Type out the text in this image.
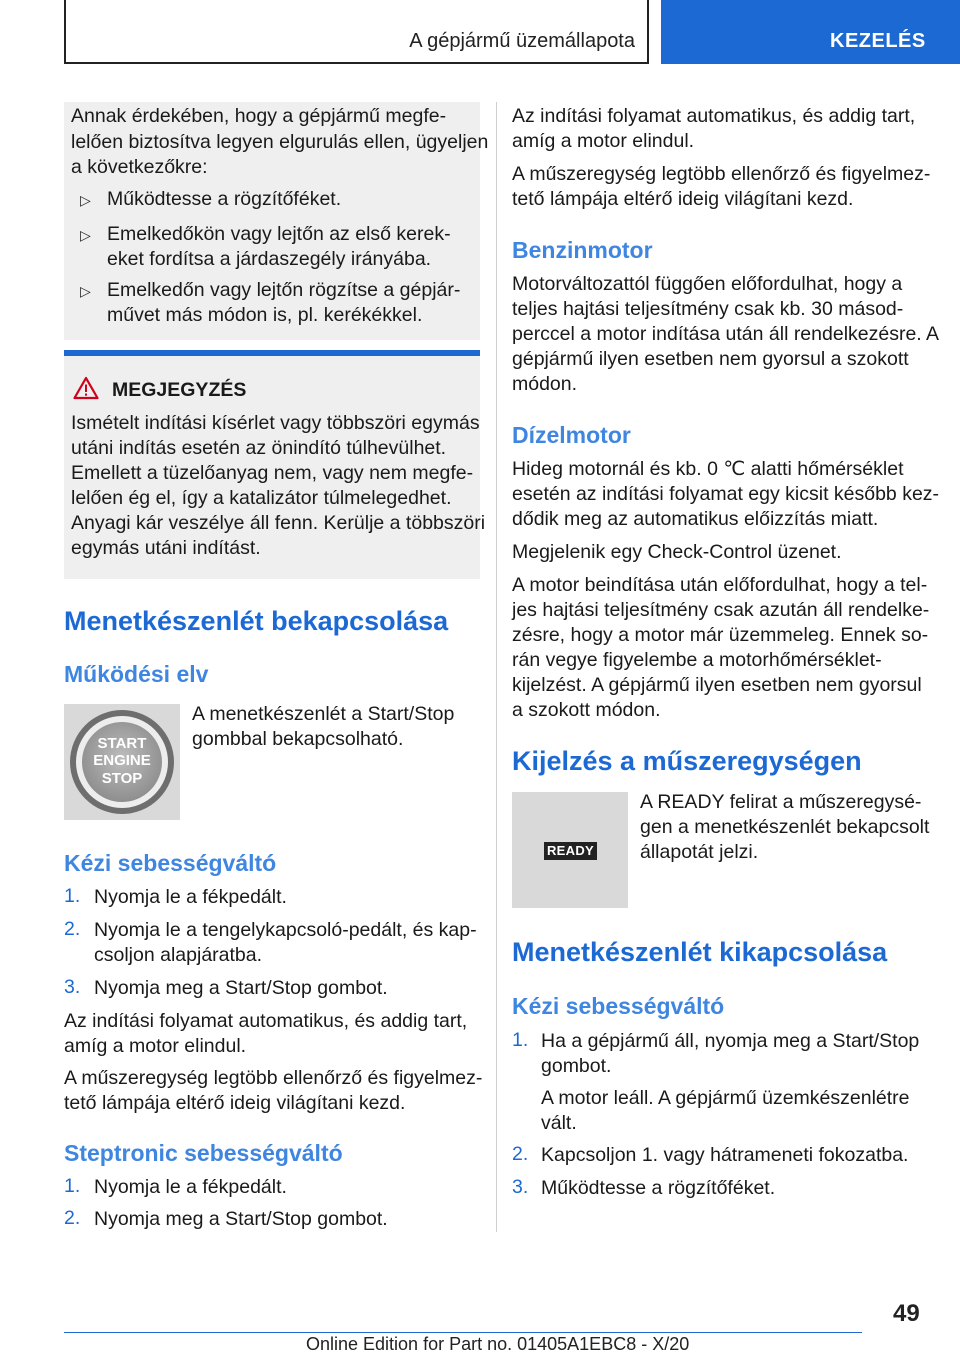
A gépjármű üzemállapota	KEZELÉS
Annak érdekében, hogy a gépjármű megfe-
lelően biztosítva legyen elgurulás ellen, ügyeljen
a következőkre:
▷ Működtesse a rögzítőféket.
▷ Emelkedőkön vagy lejtőn az első kerek-
eket fordítsa a járdaszegély irányába.
▷ Emelkedőn vagy lejtőn rögzítse a gépjár-
művet más módon is, pl. kerékékkel.
MEGJEGYZÉS
Ismételt indítási kísérlet vagy többszöri egymás
utáni indítás esetén az önindító túlhevülhet.
Emellett a tüzelőanyag nem, vagy nem megfe-
lelően ég el, így a katalizátor túlmelegedhet.
Anyagi kár veszélye áll fenn. Kerülje a többszöri
egymás utáni indítást.
Menetkészenlét bekapcsolása
Működési elv
START
ENGINE
STOP
A menetkészenlét a Start/Stop
gombbal bekapcsolható.
Kézi sebességváltó
1. Nyomja le a fékpedált.
2. Nyomja le a tengelykapcsoló-pedált, és kap-
csoljon alapjáratba.
3. Nyomja meg a Start/Stop gombot.
Az indítási folyamat automatikus, és addig tart,
amíg a motor elindul.
A műszeregység legtöbb ellenőrző és figyelmez-
tető lámpája eltérő ideig világítani kezd.
Steptronic sebességváltó
1. Nyomja le a fékpedált.
2. Nyomja meg a Start/Stop gombot.
Az indítási folyamat automatikus, és addig tart,
amíg a motor elindul.
A műszeregység legtöbb ellenőrző és figyelmez-
tető lámpája eltérő ideig világítani kezd.
Benzinmotor
Motorváltozattól függően előfordulhat, hogy a
teljes hajtási teljesítmény csak kb. 30 másod-
perccel a motor indítása után áll rendelkezésre. A
gépjármű ilyen esetben nem gyorsul a szokott
módon.
Dízelmotor
Hideg motornál és kb. 0 ℃ alatti hőmérséklet
esetén az indítási folyamat egy kicsit később kez-
dődik meg az automatikus előizzítás miatt.
Megjelenik egy Check-Control üzenet.
A motor beindítása után előfordulhat, hogy a tel-
jes hajtási teljesítmény csak azután áll rendelke-
zésre, hogy a motor már üzemmeleg. Ennek so-
rán vegye figyelembe a motorhőmérséklet-
kijelzést. A gépjármű ilyen esetben nem gyorsul
a szokott módon.
Kijelzés a műszeregységen
READY
A READY felirat a műszeregysé-
gen a menetkészenlét bekapcsolt
állapotát jelzi.
Menetkészenlét kikapcsolása
Kézi sebességváltó
1. Ha a gépjármű áll, nyomja meg a Start/Stop
gombot.
A motor leáll. A gépjármű üzemkészenlétre
vált.
2. Kapcsoljon 1. vagy hátrameneti fokozatba.
3. Működtesse a rögzítőféket.
49
Online Edition for Part no. 01405A1EBC8 - X/20
